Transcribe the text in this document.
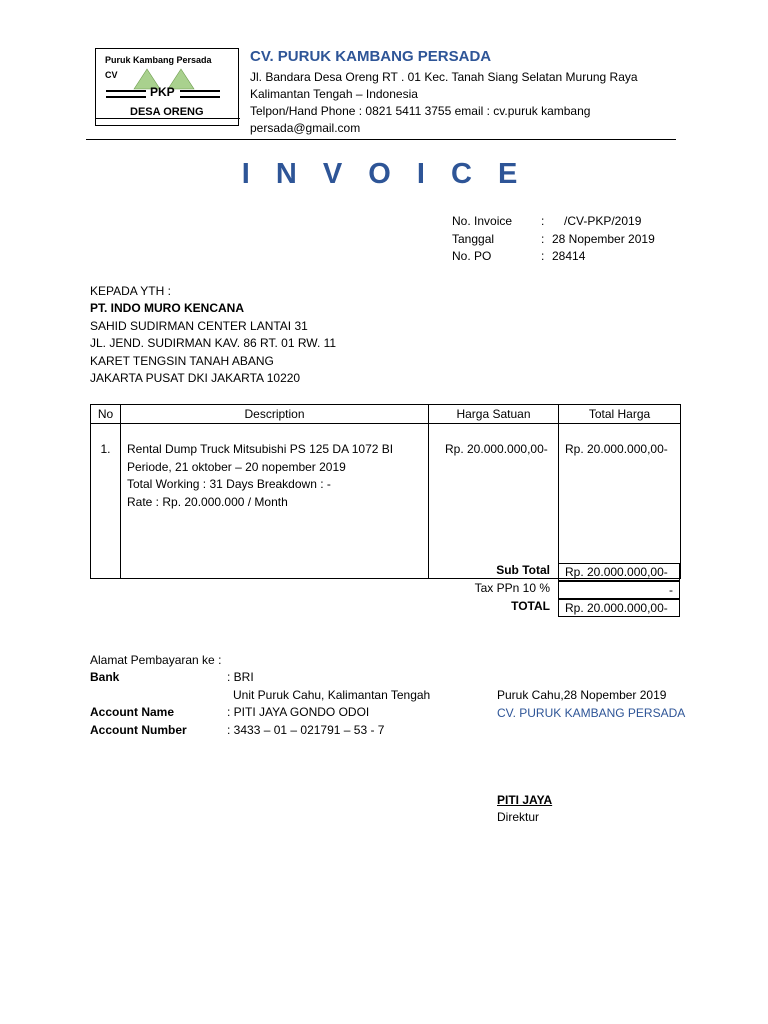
Puruk Kambang Persada
CV
PKP
DESA ORENG
CV. PURUK KAMBANG PERSADA
Jl. Bandara Desa Oreng RT . 01 Kec. Tanah Siang Selatan Murung Raya
Kalimantan Tengah – Indonesia
Telpon/Hand Phone : 0821 5411 3755 email : cv.puruk kambang
persada@gmail.com
I N V O I C E
No. Invoice : /CV-PKP/2019
Tanggal	: 28 Nopember 2019
No. PO	: 28414
KEPADA YTH :
PT. INDO MURO KENCANA
SAHID SUDIRMAN CENTER LANTAI 31
JL. JEND. SUDIRMAN KAV. 86 RT. 01 RW. 11
KARET TENGSIN TANAH ABANG
JAKARTA PUSAT DKI JAKARTA 10220
No	Description	Harga Satuan	Total Harga
1.	Rental Dump Truck Mitsubishi PS 125 DA 1072 BI
Periode, 21 oktober – 20 nopember 2019
Total Working : 31 Days Breakdown : -
Rate : Rp. 20.000.000 / Month	Rp. 20.000.000,00-	Rp. 20.000.000,00-
Sub Total	Rp. 20.000.000,00-
Tax PPn 10 %	-
TOTAL	Rp. 20.000.000,00-
Alamat Pembayaran ke :
Bank	: BRI
Unit Puruk Cahu, Kalimantan Tengah
Account Name	: PITI JAYA GONDO ODOI
Account Number	: 3433 – 01 – 021791 – 53 - 7
Puruk Cahu,28 Nopember 2019
CV. PURUK KAMBANG PERSADA
PITI JAYA
Direktur
